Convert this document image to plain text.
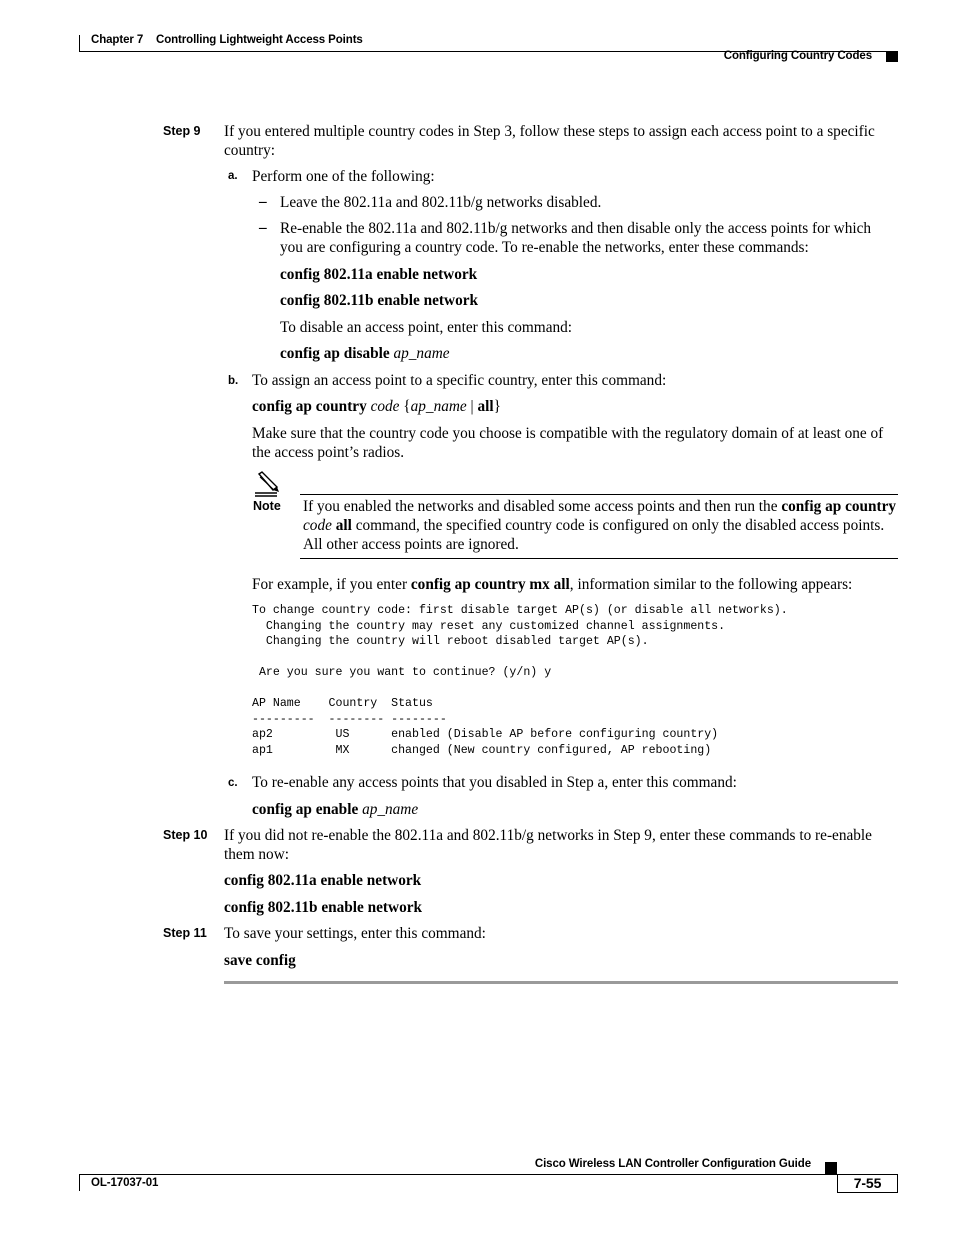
Chapter 7 Controlling Lightweight Access Points
Configuring Country Codes
Step 9 If you entered multiple country codes in Step 3, follow these steps to assign each access point to a specific country:
a. Perform one of the following:
– Leave the 802.11a and 802.11b/g networks disabled.
– Re-enable the 802.11a and 802.11b/g networks and then disable only the access points for which you are configuring a country code. To re-enable the networks, enter these commands:
config 802.11a enable network
config 802.11b enable network
To disable an access point, enter this command:
config ap disable ap_name
b. To assign an access point to a specific country, enter this command:
config ap country code {ap_name | all}
Make sure that the country code you choose is compatible with the regulatory domain of at least one of the access point’s radios.
Note If you enabled the networks and disabled some access points and then run the config ap country code all command, the specified country code is configured on only the disabled access points. All other access points are ignored.
For example, if you enter config ap country mx all, information similar to the following appears:
To change country code: first disable target AP(s) (or disable all networks).
Changing the country may reset any customized channel assignments.
Changing the country will reboot disabled target AP(s).

Are you sure you want to continue? (y/n) y

AP Name    Country  Status
---------  -------- --------
ap2         US      enabled (Disable AP before configuring country)
ap1         MX      changed (New country configured, AP rebooting)
c. To re-enable any access points that you disabled in Step a, enter this command:
config ap enable ap_name
Step 10 If you did not re-enable the 802.11a and 802.11b/g networks in Step 9, enter these commands to re-enable them now:
config 802.11a enable network
config 802.11b enable network
Step 11 To save your settings, enter this command:
save config
Cisco Wireless LAN Controller Configuration Guide
OL-17037-01	7-55
